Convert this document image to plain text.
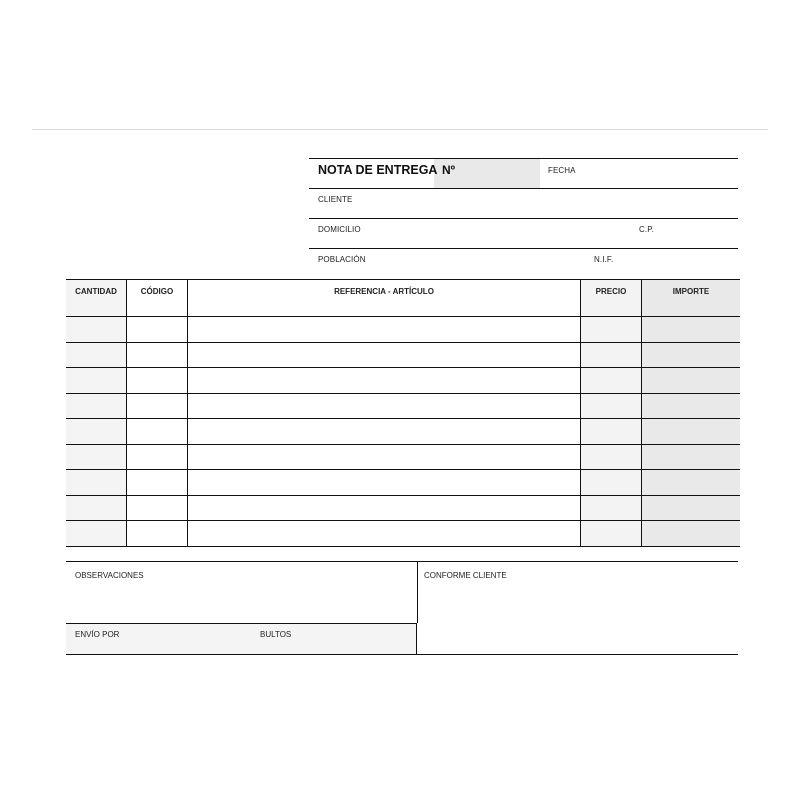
NOTA DE ENTREGA Nº	FECHA
CLIENTE
DOMICILIO	C.P.
POBLACIÓN	N.I.F.
CANTIDAD	CÓDIGO	REFERENCIA - ARTÍCULO	PRECIO	IMPORTE

OBSERVACIONES
ENVÍO POR	BULTOS
CONFORME CLIENTE
